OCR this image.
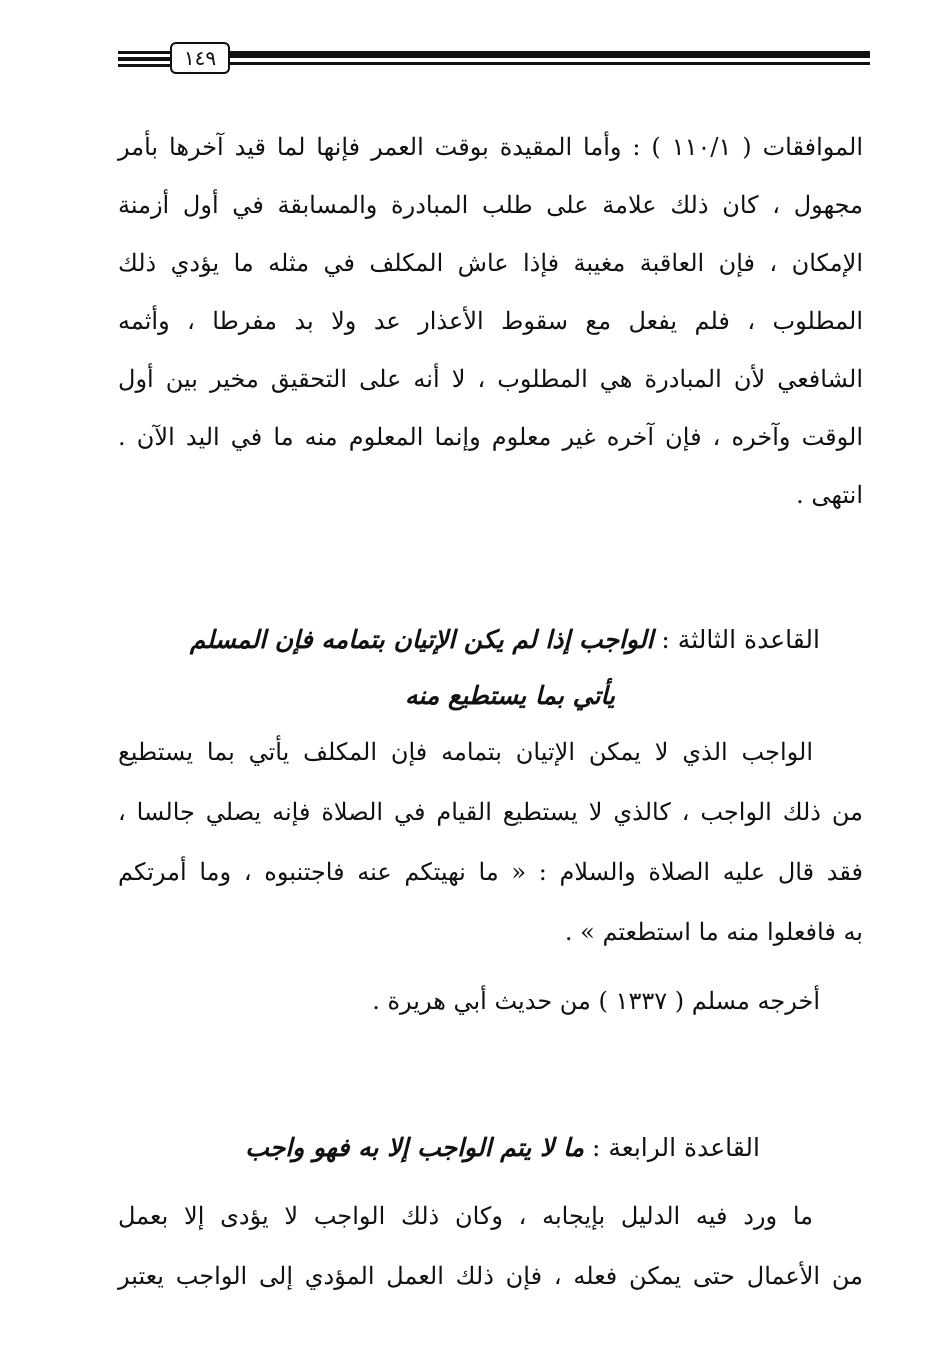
١٤٩
الموافقات ( ١١٠/١ ) : وأما المقيدة بوقت العمر فإنها لما قيد آخرها بأمر
مجهول ، كان ذلك علامة على طلب المبادرة والمسابقة في أول أزمنة
الإمكان ، فإن العاقبة مغيبة فإذا عاش المكلف في مثله ما يؤدي ذلك
المطلوب ، فلم يفعل مع سقوط الأعذار عد ولا بد مفرطا ، وأثمه
الشافعي لأن المبادرة هي المطلوب ، لا أنه على التحقيق مخير بين أول
الوقت وآخره ، فإن آخره غير معلوم وإنما المعلوم منه ما في اليد الآن .
انتهى .
القاعدة الثالثة : الواجب إذا لم يكن الإتيان بتمامه فإن المسلم
يأتي بما يستطيع منه
الواجب الذي لا يمكن الإتيان بتمامه فإن المكلف يأتي بما يستطيع
من ذلك الواجب ، كالذي لا يستطيع القيام في الصلاة فإنه يصلي جالسا ،
فقد قال عليه الصلاة والسلام : « ما نهيتكم عنه فاجتنبوه ، وما أمرتكم
به فافعلوا منه ما استطعتم » .
أخرجه مسلم ( ١٣٣٧ ) من حديث أبي هريرة .
القاعدة الرابعة : ما لا يتم الواجب إلا به فهو واجب
ما ورد فيه الدليل بإيجابه ، وكان ذلك الواجب لا يؤدى إلا بعمل
من الأعمال حتى يمكن فعله ، فإن ذلك العمل المؤدي إلى الواجب يعتبر
